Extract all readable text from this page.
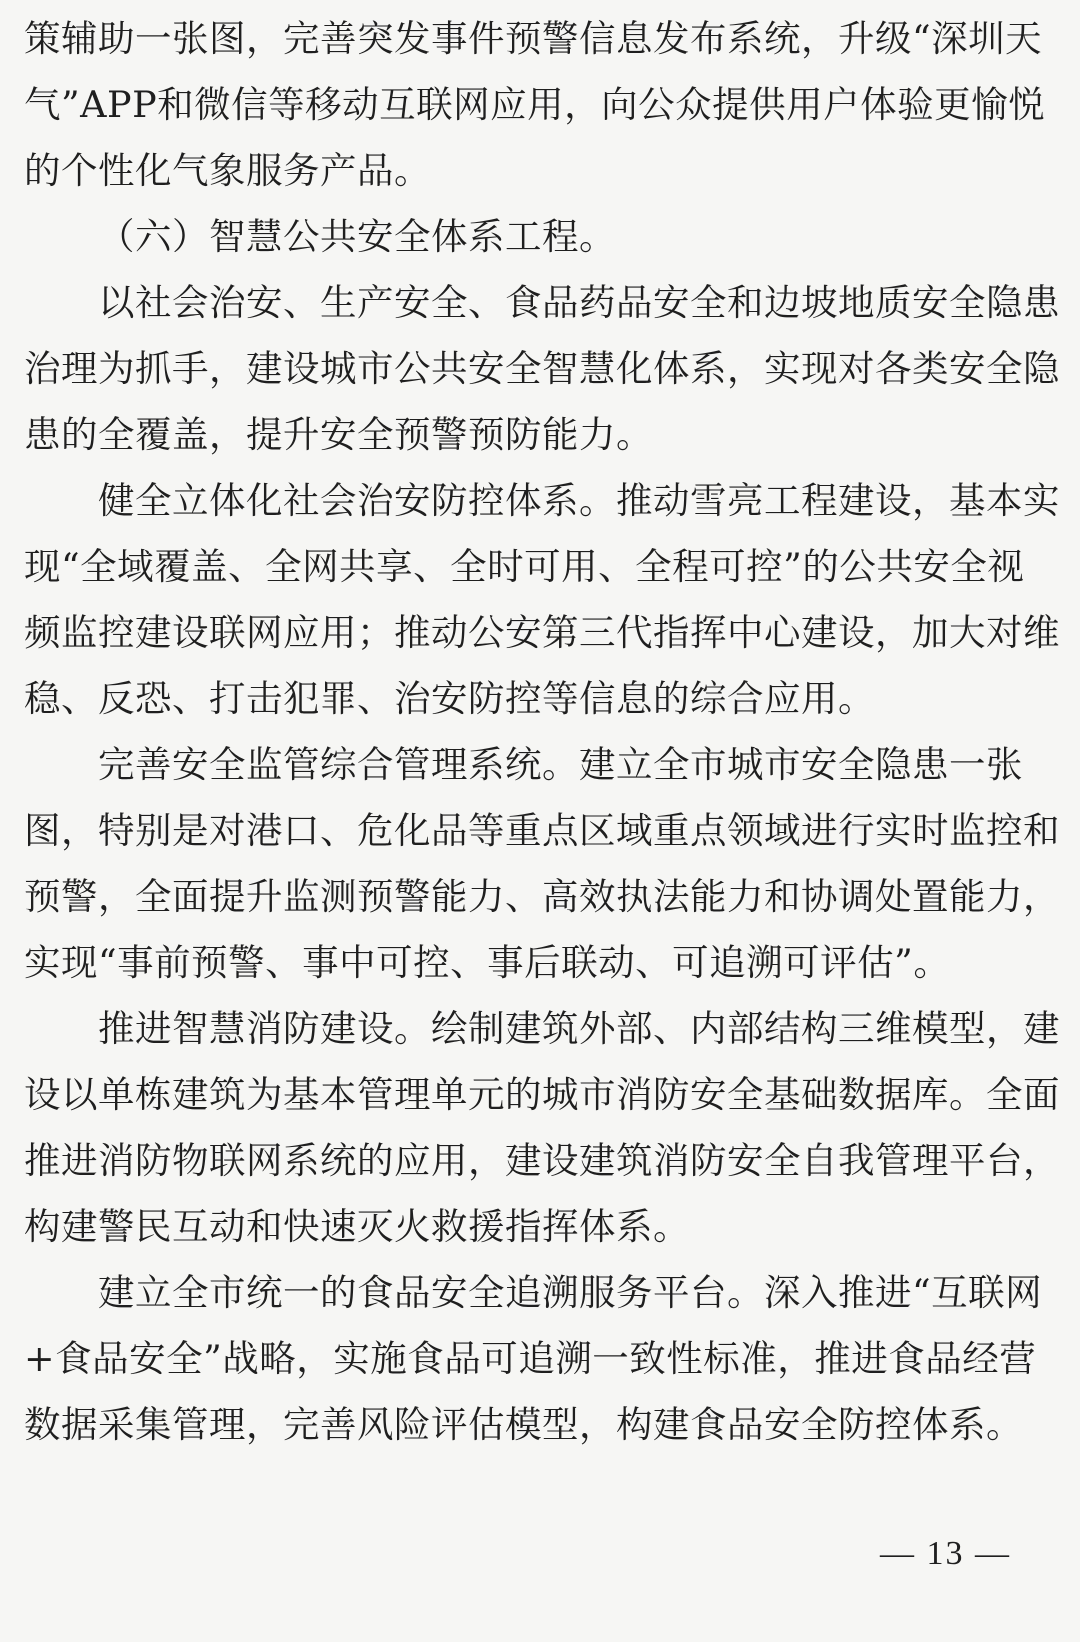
策辅助一张图，完善突发事件预警信息发布系统，升级“深圳天
气”APP和微信等移动互联网应用，向公众提供用户体验更愉悦
的个性化气象服务产品。
（六）智慧公共安全体系工程。
以社会治安、生产安全、食品药品安全和边坡地质安全隐患
治理为抓手，建设城市公共安全智慧化体系，实现对各类安全隐
患的全覆盖，提升安全预警预防能力。
健全立体化社会治安防控体系。推动雪亮工程建设，基本实
现“全域覆盖、全网共享、全时可用、全程可控”的公共安全视
频监控建设联网应用；推动公安第三代指挥中心建设，加大对维
稳、反恐、打击犯罪、治安防控等信息的综合应用。
完善安全监管综合管理系统。建立全市城市安全隐患一张
图，特别是对港口、危化品等重点区域重点领域进行实时监控和
预警，全面提升监测预警能力、高效执法能力和协调处置能力，
实现“事前预警、事中可控、事后联动、可追溯可评估”。
推进智慧消防建设。绘制建筑外部、内部结构三维模型，建
设以单栋建筑为基本管理单元的城市消防安全基础数据库。全面
推进消防物联网系统的应用，建设建筑消防安全自我管理平台，
构建警民互动和快速灭火救援指挥体系。
建立全市统一的食品安全追溯服务平台。深入推进“互联网
+食品安全”战略，实施食品可追溯一致性标准，推进食品经营
数据采集管理，完善风险评估模型，构建食品安全防控体系。
— 13 —
